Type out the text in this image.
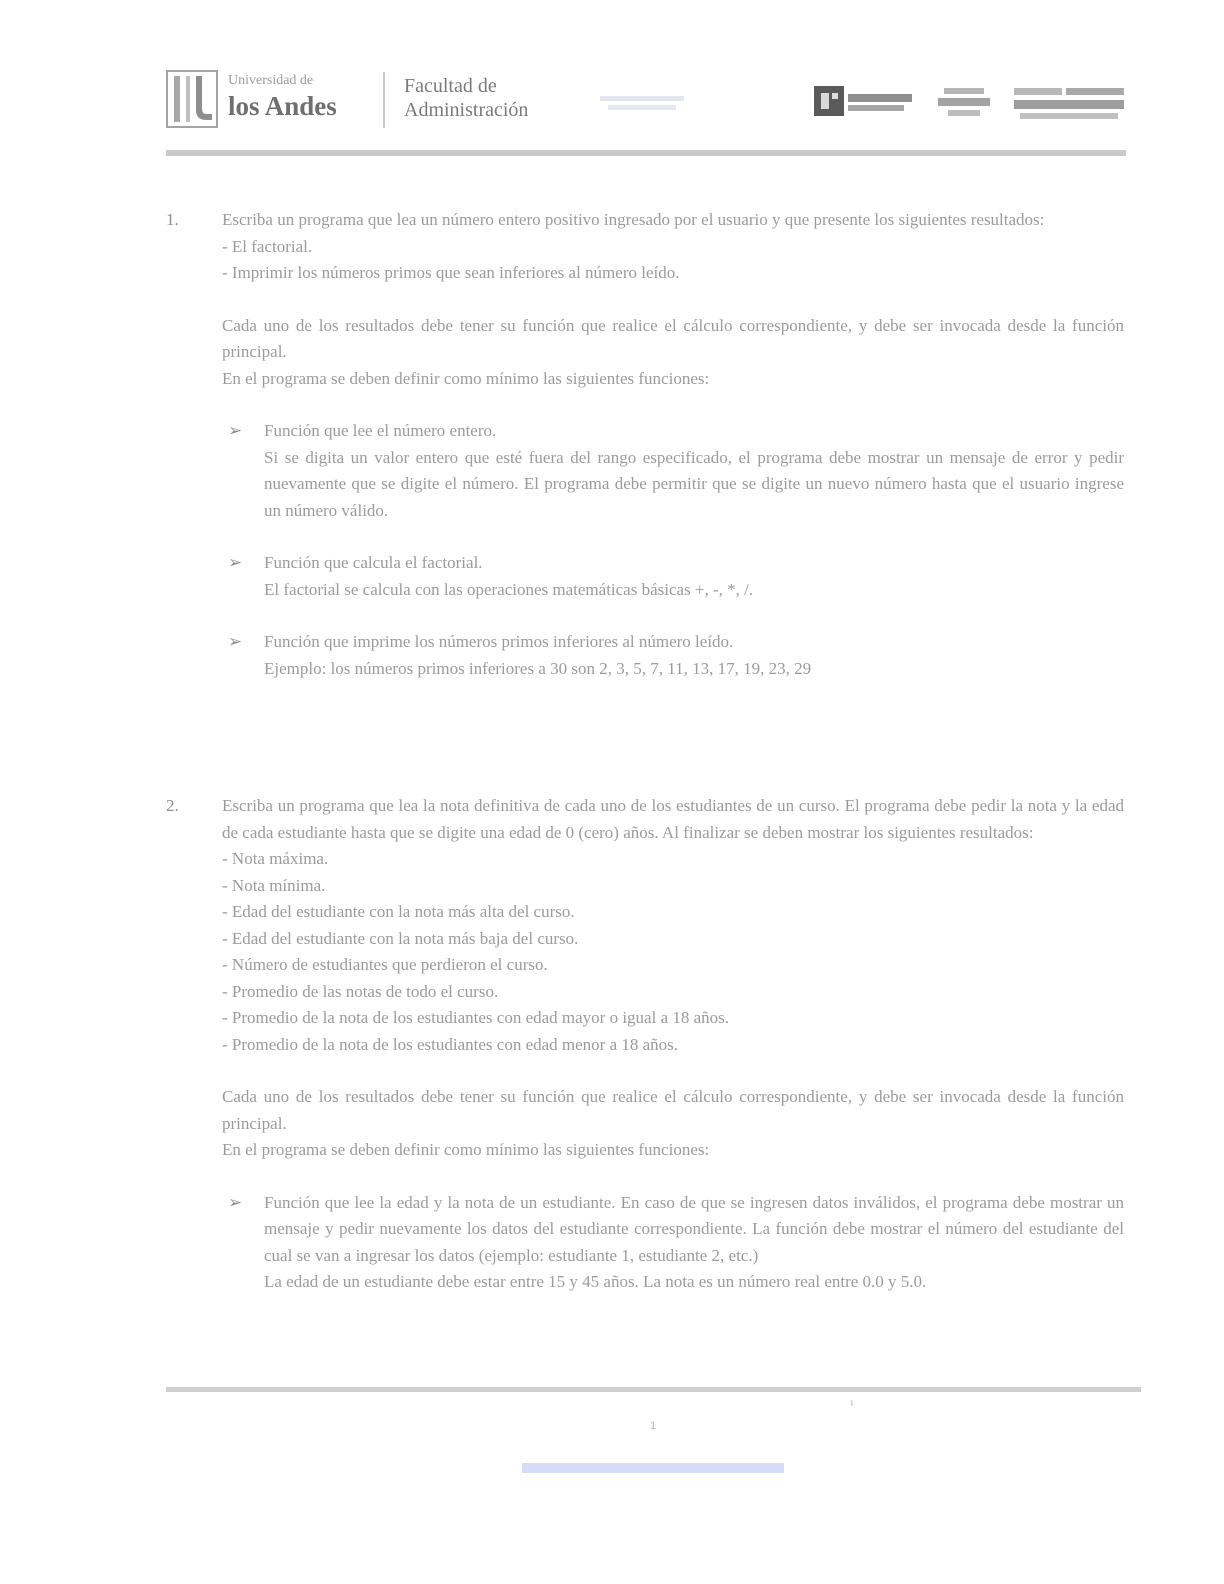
Universidad de
los Andes
Facultad de
Administración
1.	Escriba un programa que lea un número entero positivo ingresado por el usuario y que presente los siguientes resultados:

- El factorial.
- Imprimir los números primos que sean inferiores al número leído.

Cada uno de los resultados debe tener su función que realice el cálculo correspondiente, y debe ser invocada desde la función principal.

En el programa se deben definir como mínimo las siguientes funciones:

➢	Función que lee el número entero.

Si se digita un valor entero que esté fuera del rango especificado, el programa debe mostrar un mensaje de error y pedir nuevamente que se digite el número. El programa debe permitir que se digite un nuevo número hasta que el usuario ingrese un número válido.

➢	Función que calcula el factorial.

El factorial se calcula con las operaciones matemáticas básicas +, -, *, /.

➢	Función que imprime los números primos inferiores al número leído.

Ejemplo: los números primos inferiores a 30 son 2, 3, 5, 7, 11, 13, 17, 19, 23, 29

2.	Escriba un programa que lea la nota definitiva de cada uno de los estudiantes de un curso. El programa debe pedir la nota y la edad de cada estudiante hasta que se digite una edad de 0 (cero) años. Al finalizar se deben mostrar los siguientes resultados:

- Nota máxima.
- Nota mínima.
- Edad del estudiante con la nota más alta del curso.
- Edad del estudiante con la nota más baja del curso.
- Número de estudiantes que perdieron el curso.
- Promedio de las notas de todo el curso.
- Promedio de la nota de los estudiantes con edad mayor o igual a 18 años.
- Promedio de la nota de los estudiantes con edad menor a 18 años.

Cada uno de los resultados debe tener su función que realice el cálculo correspondiente, y debe ser invocada desde la función principal.

En el programa se deben definir como mínimo las siguientes funciones:

➢	Función que lee la edad y la nota de un estudiante. En caso de que se ingresen datos inválidos, el programa debe mostrar un mensaje y pedir nuevamente los datos del estudiante correspondiente. La función debe mostrar el número del estudiante del cual se van a ingresar los datos (ejemplo: estudiante 1, estudiante 2, etc.)

La edad de un estudiante debe estar entre 15 y 45 años. La nota es un número real entre 0.0 y 5.0.

¹
1
